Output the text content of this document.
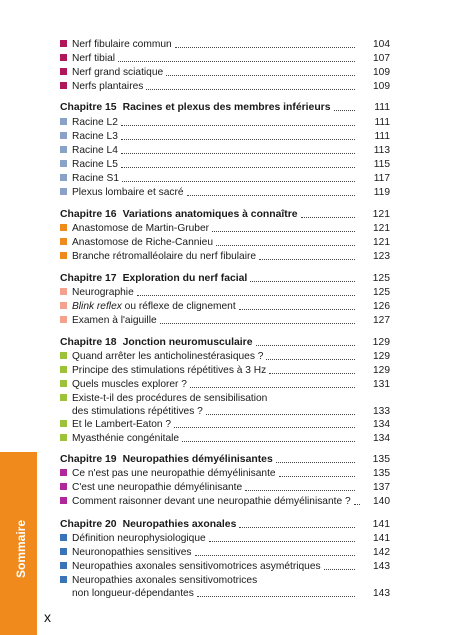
Sommaire
x
Nerf fibulaire commun	104
Nerf tibial	107
Nerf grand sciatique	109
Nerfs plantaires	109
Chapitre 15 Racines et plexus des membres inférieurs	111
Racine L2	111
Racine L3	111
Racine L4	113
Racine L5	115
Racine S1	117
Plexus lombaire et sacré	119
Chapitre 16 Variations anatomiques à connaître	121
Anastomose de Martin-Gruber	121
Anastomose de Riche-Cannieu	121
Branche rétromalléolaire du nerf fibulaire	123
Chapitre 17 Exploration du nerf facial	125
Neurographie	125
Blink reflex ou réflexe de clignement	126
Examen à l'aiguille	127
Chapitre 18 Jonction neuromusculaire	129
Quand arrêter les anticholinestérasiques ?	129
Principe des stimulations répétitives à 3 Hz	129
Quels muscles explorer ?	131
Existe-t-il des procédures de sensibilisation
des stimulations répétitives ?	133
Et le Lambert-Eaton ?	134
Myasthénie congénitale	134
Chapitre 19 Neuropathies démyélinisantes	135
Ce n'est pas une neuropathie démyélinisante	135
C'est une neuropathie démyélinisante	137
Comment raisonner devant une neuropathie démyélinisante ?	140
Chapitre 20 Neuropathies axonales	141
Définition neurophysiologique	141
Neuronopathies sensitives	142
Neuropathies axonales sensitivomotrices asymétriques	143
Neuropathies axonales sensitivomotrices
non longueur-dépendantes	143
